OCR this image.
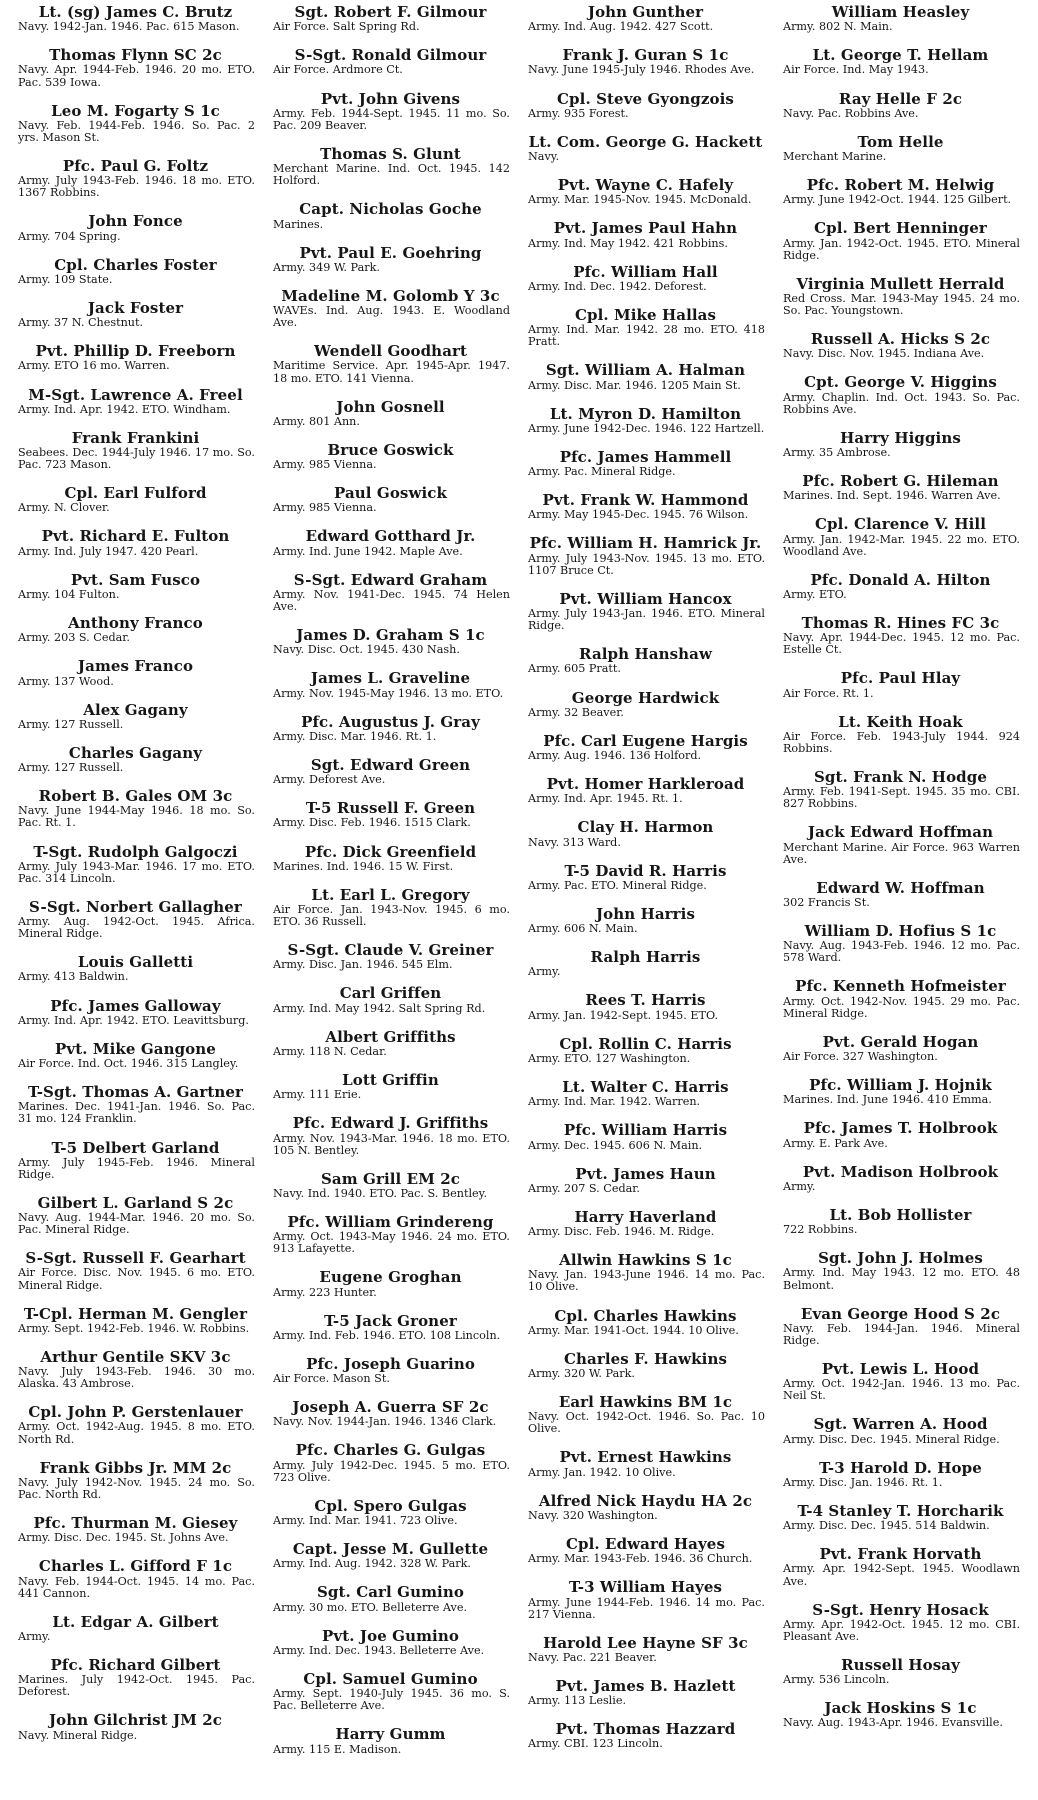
Lt. (sg) James C. Brutz
Navy. 1942-Jan. 1946. Pac. 615 Mason.
Thomas Flynn SC 2c
Navy. Apr. 1944-Feb. 1946. 20 mo. ETO. Pac. 539 Iowa.
Leo M. Fogarty S 1c
Navy. Feb. 1944-Feb. 1946. So. Pac. 2 yrs. Mason St.
Pfc. Paul G. Foltz
Army. July 1943-Feb. 1946. 18 mo. ETO. 1367 Robbins.
John Fonce
Army. 704 Spring.
Cpl. Charles Foster
Army. 109 State.
Jack Foster
Army. 37 N. Chestnut.
Pvt. Phillip D. Freeborn
Army. ETO 16 mo. Warren.
M-Sgt. Lawrence A. Freel
Army. Ind. Apr. 1942. ETO. Windham.
Frank Frankini
Seabees. Dec. 1944-July 1946. 17 mo. So. Pac. 723 Mason.
Cpl. Earl Fulford
Army. N. Clover.
Pvt. Richard E. Fulton
Army. Ind. July 1947. 420 Pearl.
Pvt. Sam Fusco
Army. 104 Fulton.
Anthony Franco
Army. 203 S. Cedar.
James Franco
Army. 137 Wood.
Alex Gagany
Army. 127 Russell.
Charles Gagany
Army. 127 Russell.
Robert B. Gales OM 3c
Navy. June 1944-May 1946. 18 mo. So. Pac. Rt. 1.
T-Sgt. Rudolph Galgoczi
Army. July 1943-Mar. 1946. 17 mo. ETO. Pac. 314 Lincoln.
S-Sgt. Norbert Gallagher
Army. Aug. 1942-Oct. 1945. Africa. Mineral Ridge.
Louis Galletti
Army. 413 Baldwin.
Pfc. James Galloway
Army. Ind. Apr. 1942. ETO. Leavittsburg.
Pvt. Mike Gangone
Air Force. Ind. Oct. 1946. 315 Langley.
T-Sgt. Thomas A. Gartner
Marines. Dec. 1941-Jan. 1946. So. Pac. 31 mo. 124 Franklin.
T-5 Delbert Garland
Army. July 1945-Feb. 1946. Mineral Ridge.
Gilbert L. Garland S 2c
Navy. Aug. 1944-Mar. 1946. 20 mo. So. Pac. Mineral Ridge.
S-Sgt. Russell F. Gearhart
Air Force. Disc. Nov. 1945. 6 mo. ETO. Mineral Ridge.
T-Cpl. Herman M. Gengler
Army. Sept. 1942-Feb. 1946. W. Robbins.
Arthur Gentile SKV 3c
Navy. July 1943-Feb. 1946. 30 mo. Alaska. 43 Ambrose.
Cpl. John P. Gerstenlauer
Army. Oct. 1942-Aug. 1945. 8 mo. ETO. North Rd.
Frank Gibbs Jr. MM 2c
Navy. July 1942-Nov. 1945. 24 mo. So. Pac. North Rd.
Pfc. Thurman M. Giesey
Army. Disc. Dec. 1945. St. Johns Ave.
Charles L. Gifford F 1c
Navy. Feb. 1944-Oct. 1945. 14 mo. Pac. 441 Cannon.
Lt. Edgar A. Gilbert
Army.
Pfc. Richard Gilbert
Marines. July 1942-Oct. 1945. Pac. Deforest.
John Gilchrist JM 2c
Navy. Mineral Ridge.
Sgt. Robert F. Gilmour
Air Force. Salt Spring Rd.
S-Sgt. Ronald Gilmour
Air Force. Ardmore Ct.
Pvt. John Givens
Army. Feb. 1944-Sept. 1945. 11 mo. So. Pac. 209 Beaver.
Thomas S. Glunt
Merchant Marine. Ind. Oct. 1945. 142 Holford.
Capt. Nicholas Goche
Marines.
Pvt. Paul E. Goehring
Army. 349 W. Park.
Madeline M. Golomb Y 3c
WAVEs. Ind. Aug. 1943. E. Woodland Ave.
Wendell Goodhart
Maritime Service. Apr. 1945-Apr. 1947. 18 mo. ETO. 141 Vienna.
John Gosnell
Army. 801 Ann.
Bruce Goswick
Army. 985 Vienna.
Paul Goswick
Army. 985 Vienna.
Edward Gotthard Jr.
Army. Ind. June 1942. Maple Ave.
S-Sgt. Edward Graham
Army. Nov. 1941-Dec. 1945. 74 Helen Ave.
James D. Graham S 1c
Navy. Disc. Oct. 1945. 430 Nash.
James L. Graveline
Army. Nov. 1945-May 1946. 13 mo. ETO.
Pfc. Augustus J. Gray
Army. Disc. Mar. 1946. Rt. 1.
Sgt. Edward Green
Army. Deforest Ave.
T-5 Russell F. Green
Army. Disc. Feb. 1946. 1515 Clark.
Pfc. Dick Greenfield
Marines. Ind. 1946. 15 W. First.
Lt. Earl L. Gregory
Air Force. Jan. 1943-Nov. 1945. 6 mo. ETO. 36 Russell.
S-Sgt. Claude V. Greiner
Army. Disc. Jan. 1946. 545 Elm.
Carl Griffen
Army. Ind. May 1942. Salt Spring Rd.
Albert Griffiths
Army. 118 N. Cedar.
Lott Griffin
Army. 111 Erie.
Pfc. Edward J. Griffiths
Army. Nov. 1943-Mar. 1946. 18 mo. ETO. 105 N. Bentley.
Sam Grill EM 2c
Navy. Ind. 1940. ETO. Pac. S. Bentley.
Pfc. William Grindereng
Army. Oct. 1943-May 1946. 24 mo. ETO. 913 Lafayette.
Eugene Groghan
Army. 223 Hunter.
T-5 Jack Groner
Army. Ind. Feb. 1946. ETO. 108 Lincoln.
Pfc. Joseph Guarino
Air Force. Mason St.
Joseph A. Guerra SF 2c
Navy. Nov. 1944-Jan. 1946. 1346 Clark.
Pfc. Charles G. Gulgas
Army. July 1942-Dec. 1945. 5 mo. ETO. 723 Olive.
Cpl. Spero Gulgas
Army. Ind. Mar. 1941. 723 Olive.
Capt. Jesse M. Gullette
Army. Ind. Aug. 1942. 328 W. Park.
Sgt. Carl Gumino
Army. 30 mo. ETO. Belleterre Ave.
Pvt. Joe Gumino
Army. Ind. Dec. 1943. Belleterre Ave.
Cpl. Samuel Gumino
Army. Sept. 1940-July 1945. 36 mo. S. Pac. Belleterre Ave.
Harry Gumm
Army. 115 E. Madison.
John Gunther
Army. Ind. Aug. 1942. 427 Scott.
Frank J. Guran S 1c
Navy. June 1945-July 1946. Rhodes Ave.
Cpl. Steve Gyongzois
Army. 935 Forest.
Lt. Com. George G. Hackett
Navy.
Pvt. Wayne C. Hafely
Army. Mar. 1945-Nov. 1945. McDonald.
Pvt. James Paul Hahn
Army. Ind. May 1942. 421 Robbins.
Pfc. William Hall
Army. Ind. Dec. 1942. Deforest.
Cpl. Mike Hallas
Army. Ind. Mar. 1942. 28 mo. ETO. 418 Pratt.
Sgt. William A. Halman
Army. Disc. Mar. 1946. 1205 Main St.
Lt. Myron D. Hamilton
Army. June 1942-Dec. 1946. 122 Hartzell.
Pfc. James Hammell
Army. Pac. Mineral Ridge.
Pvt. Frank W. Hammond
Army. May 1945-Dec. 1945. 76 Wilson.
Pfc. William H. Hamrick Jr.
Army. July 1943-Nov. 1945. 13 mo. ETO. 1107 Bruce Ct.
Pvt. William Hancox
Army. July 1943-Jan. 1946. ETO. Mineral Ridge.
Ralph Hanshaw
Army. 605 Pratt.
George Hardwick
Army. 32 Beaver.
Pfc. Carl Eugene Hargis
Army. Aug. 1946. 136 Holford.
Pvt. Homer Harkleroad
Army. Ind. Apr. 1945. Rt. 1.
Clay H. Harmon
Navy. 313 Ward.
T-5 David R. Harris
Army. Pac. ETO. Mineral Ridge.
John Harris
Army. 606 N. Main.
Ralph Harris
Army.
Rees T. Harris
Army. Jan. 1942-Sept. 1945. ETO.
Cpl. Rollin C. Harris
Army. ETO. 127 Washington.
Lt. Walter C. Harris
Army. Ind. Mar. 1942. Warren.
Pfc. William Harris
Army. Dec. 1945. 606 N. Main.
Pvt. James Haun
Army. 207 S. Cedar.
Harry Haverland
Army. Disc. Feb. 1946. M. Ridge.
Allwin Hawkins S 1c
Navy. Jan. 1943-June 1946. 14 mo. Pac. 10 Olive.
Cpl. Charles Hawkins
Army. Mar. 1941-Oct. 1944. 10 Olive.
Charles F. Hawkins
Army. 320 W. Park.
Earl Hawkins BM 1c
Navy. Oct. 1942-Oct. 1946. So. Pac. 10 Olive.
Pvt. Ernest Hawkins
Army. Jan. 1942. 10 Olive.
Alfred Nick Haydu HA 2c
Navy. 320 Washington.
Cpl. Edward Hayes
Army. Mar. 1943-Feb. 1946. 36 Church.
T-3 William Hayes
Army. June 1944-Feb. 1946. 14 mo. Pac. 217 Vienna.
Harold Lee Hayne SF 3c
Navy. Pac. 221 Beaver.
Pvt. James B. Hazlett
Army. 113 Leslie.
Pvt. Thomas Hazzard
Army. CBI. 123 Lincoln.
William Heasley
Army. 802 N. Main.
Lt. George T. Hellam
Air Force. Ind. May 1943.
Ray Helle F 2c
Navy. Pac. Robbins Ave.
Tom Helle
Merchant Marine.
Pfc. Robert M. Helwig
Army. June 1942-Oct. 1944. 125 Gilbert.
Cpl. Bert Henninger
Army. Jan. 1942-Oct. 1945. ETO. Mineral Ridge.
Virginia Mullett Herrald
Red Cross. Mar. 1943-May 1945. 24 mo. So. Pac. Youngstown.
Russell A. Hicks S 2c
Navy. Disc. Nov. 1945. Indiana Ave.
Cpt. George V. Higgins
Army. Chaplin. Ind. Oct. 1943. So. Pac. Robbins Ave.
Harry Higgins
Army. 35 Ambrose.
Pfc. Robert G. Hileman
Marines. Ind. Sept. 1946. Warren Ave.
Cpl. Clarence V. Hill
Army. Jan. 1942-Mar. 1945. 22 mo. ETO. Woodland Ave.
Pfc. Donald A. Hilton
Army. ETO.
Thomas R. Hines FC 3c
Navy. Apr. 1944-Dec. 1945. 12 mo. Pac. Estelle Ct.
Pfc. Paul Hlay
Air Force. Rt. 1.
Lt. Keith Hoak
Air Force. Feb. 1943-July 1944. 924 Robbins.
Sgt. Frank N. Hodge
Army. Feb. 1941-Sept. 1945. 35 mo. CBI. 827 Robbins.
Jack Edward Hoffman
Merchant Marine. Air Force. 963 Warren Ave.
Edward W. Hoffman
302 Francis St.
William D. Hofius S 1c
Navy. Aug. 1943-Feb. 1946. 12 mo. Pac. 578 Ward.
Pfc. Kenneth Hofmeister
Army. Oct. 1942-Nov. 1945. 29 mo. Pac. Mineral Ridge.
Pvt. Gerald Hogan
Air Force. 327 Washington.
Pfc. William J. Hojnik
Marines. Ind. June 1946. 410 Emma.
Pfc. James T. Holbrook
Army. E. Park Ave.
Pvt. Madison Holbrook
Army.
Lt. Bob Hollister
722 Robbins.
Sgt. John J. Holmes
Army. Ind. May 1943. 12 mo. ETO. 48 Belmont.
Evan George Hood S 2c
Navy. Feb. 1944-Jan. 1946. Mineral Ridge.
Pvt. Lewis L. Hood
Army. Oct. 1942-Jan. 1946. 13 mo. Pac. Neil St.
Sgt. Warren A. Hood
Army. Disc. Dec. 1945. Mineral Ridge.
T-3 Harold D. Hope
Army. Disc. Jan. 1946. Rt. 1.
T-4 Stanley T. Horcharik
Army. Disc. Dec. 1945. 514 Baldwin.
Pvt. Frank Horvath
Army. Apr. 1942-Sept. 1945. Woodlawn Ave.
S-Sgt. Henry Hosack
Army. Apr. 1942-Oct. 1945. 12 mo. CBI. Pleasant Ave.
Russell Hosay
Army. 536 Lincoln.
Jack Hoskins S 1c
Navy. Aug. 1943-Apr. 1946. Evansville.
